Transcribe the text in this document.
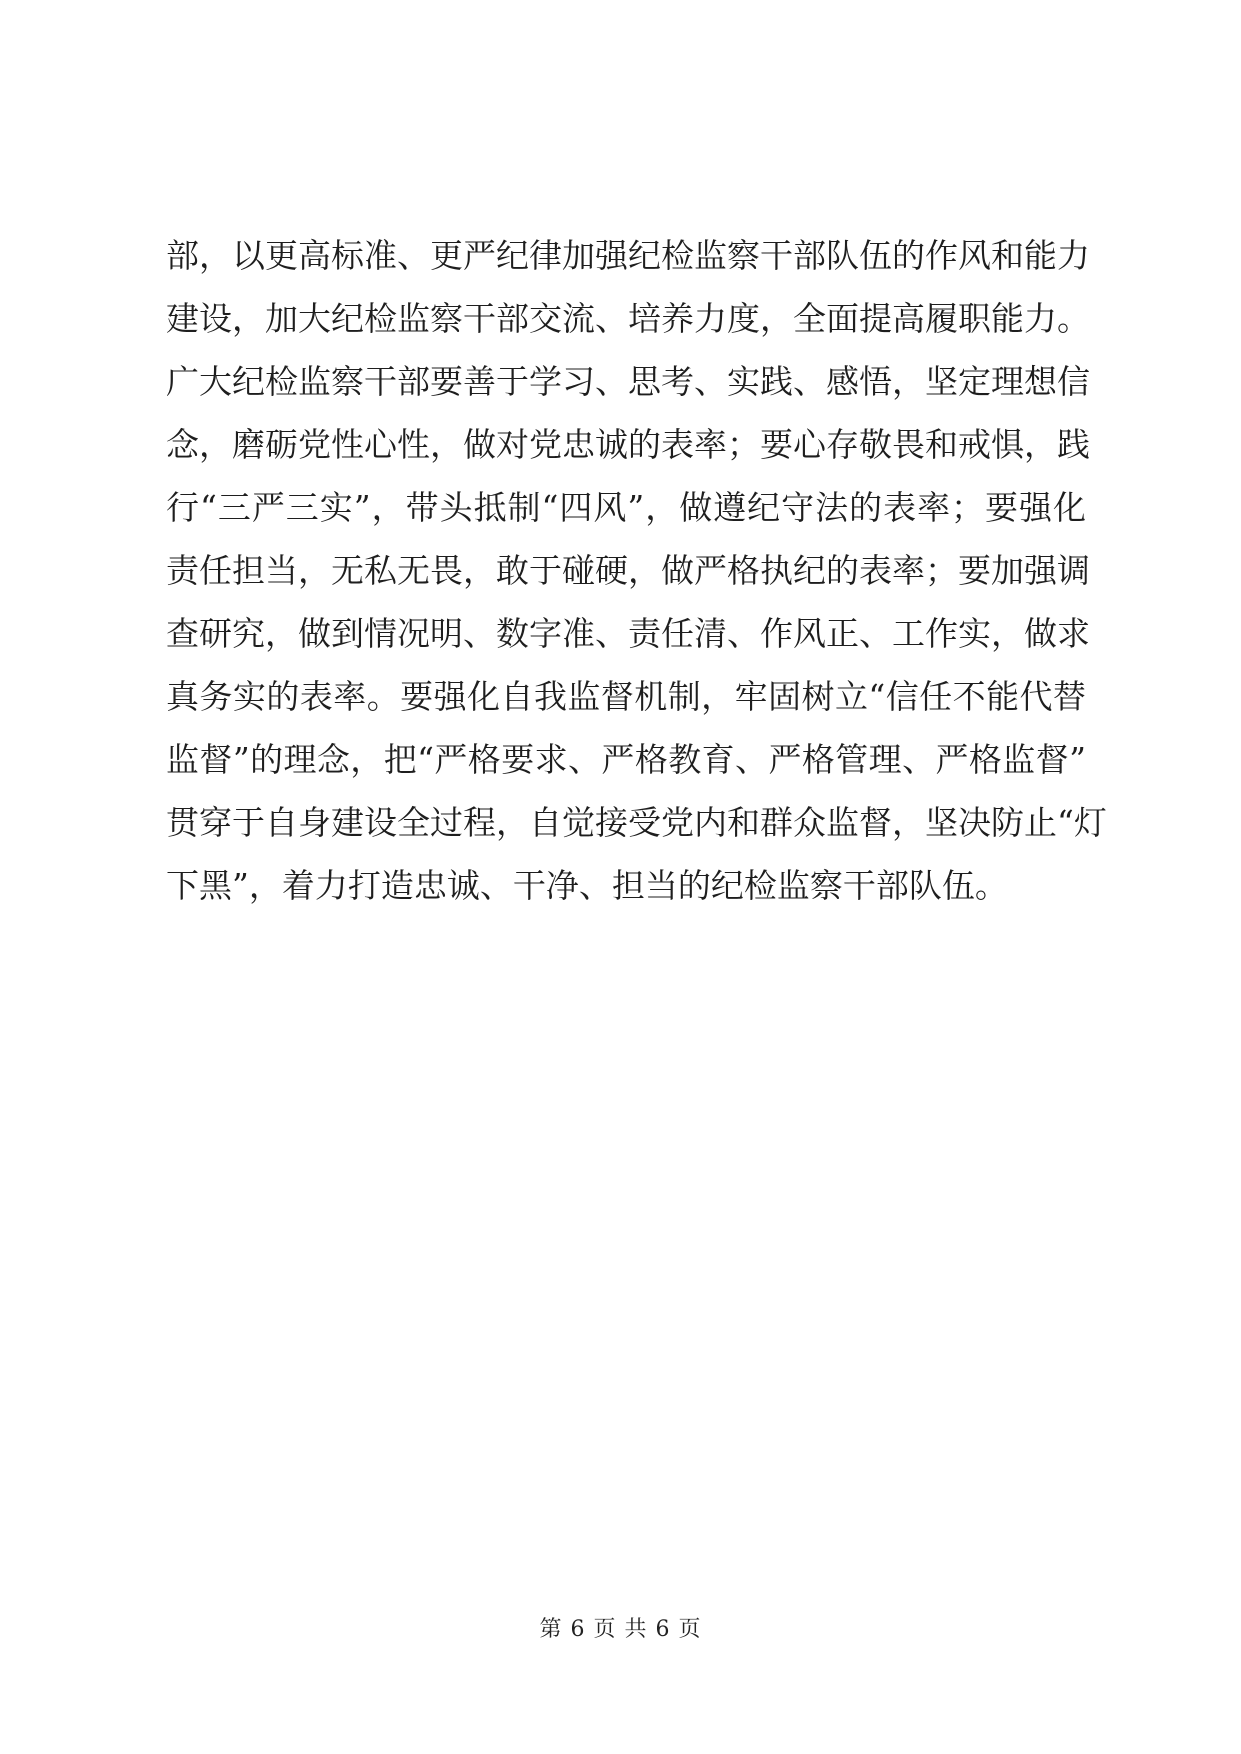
部，以更高标准、更严纪律加强纪检监察干部队伍的作风和能力
建设，加大纪检监察干部交流、培养力度，全面提高履职能力。
广大纪检监察干部要善于学习、思考、实践、感悟，坚定理想信
念，磨砺党性心性，做对党忠诚的表率；要心存敬畏和戒惧，践
行“三严三实”，带头抵制“四风”，做遵纪守法的表率；要强化
责任担当，无私无畏，敢于碰硬，做严格执纪的表率；要加强调
查研究，做到情况明、数字准、责任清、作风正、工作实，做求
真务实的表率。要强化自我监督机制，牢固树立“信任不能代替
监督”的理念，把“严格要求、严格教育、严格管理、严格监督”
贯穿于自身建设全过程，自觉接受党内和群众监督，坚决防止“灯
下黑”，着力打造忠诚、干净、担当的纪检监察干部队伍。
第 6 页 共 6 页
